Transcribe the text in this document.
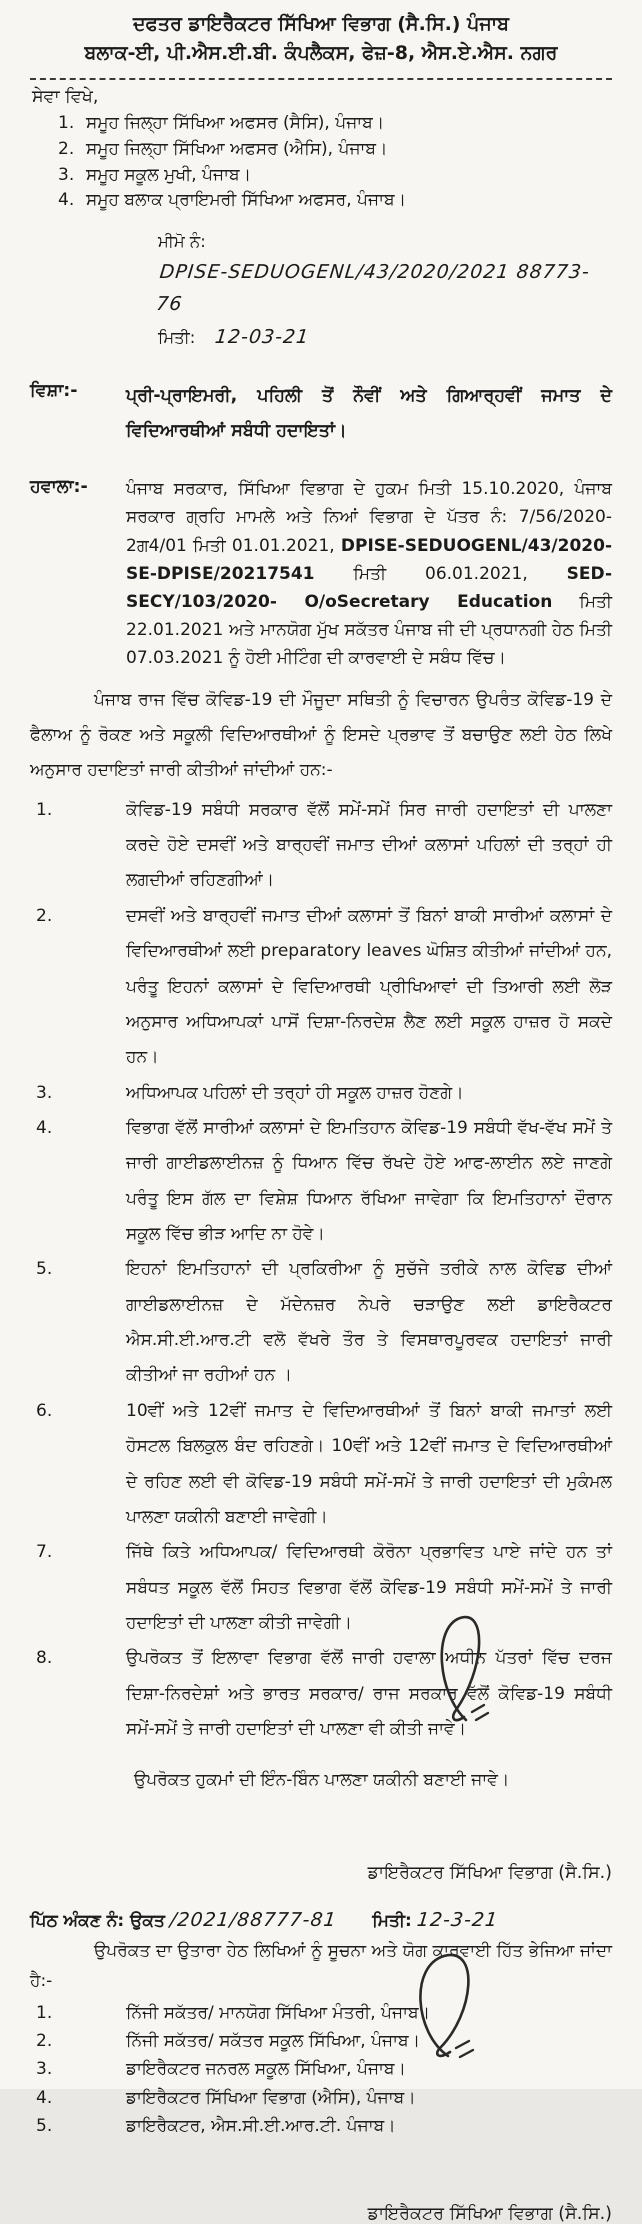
ਦਫਤਰ ਡਾਇਰੈਕਟਰ ਸਿੱਖਿਆ ਵਿਭਾਗ (ਸੈ.ਸਿ.) ਪੰਜਾਬ
ਬਲਾਕ-ਈ, ਪੀ.ਐਸ.ਈ.ਬੀ. ਕੰਪਲੈਕਸ, ਫੇਜ਼-8, ਐਸ.ਏ.ਐਸ. ਨਗਰ
ਸੇਵਾ ਵਿਖੇ,
1. ਸਮੂਹ ਜਿਲ੍ਹਾ ਸਿੱਖਿਆ ਅਫਸਰ (ਸੈਸਿ), ਪੰਜਾਬ।
2. ਸਮੂਹ ਜਿਲ੍ਹਾ ਸਿੱਖਿਆ ਅਫਸਰ (ਐਸਿ), ਪੰਜਾਬ।
3. ਸਮੂਹ ਸਕੂਲ ਮੁਖੀ, ਪੰਜਾਬ।
4. ਸਮੂਹ ਬਲਾਕ ਪ੍ਰਾਇਮਰੀ ਸਿੱਖਿਆ ਅਫਸਰ, ਪੰਜਾਬ।
ਮੀਮੋ ਨੰ: DPISE-SEDUOGENL/43/2020/2021 88773-76
ਮਿਤੀ: 12-03-21
ਵਿਸ਼ਾ:-	ਪ੍ਰੀ-ਪ੍ਰਾਇਮਰੀ, ਪਹਿਲੀ ਤੋਂ ਨੌਵੀਂ ਅਤੇ ਗਿਆਰ੍ਹਵੀਂ ਜਮਾਤ ਦੇ ਵਿਦਿਆਰਥੀਆਂ ਸਬੰਧੀ ਹਦਾਇਤਾਂ।
ਹਵਾਲਾ:-	ਪੰਜਾਬ ਸਰਕਾਰ, ਸਿੱਖਿਆ ਵਿਭਾਗ ਦੇ ਹੁਕਮ ਮਿਤੀ 15.10.2020, ਪੰਜਾਬ ਸਰਕਾਰ ਗ੍ਰਹਿ ਮਾਮਲੇ ਅਤੇ ਨਿਆਂ ਵਿਭਾਗ ਦੇ ਪੱਤਰ ਨੰ: 7/56/2020-2ਗ4/01 ਮਿਤੀ 01.01.2021, DPISE-SEDUOGENL/43/2020-SE-DPISE/20217541 ਮਿਤੀ 06.01.2021, SED-SECY/103/2020- O/oSecretary Education ਮਿਤੀ 22.01.2021 ਅਤੇ ਮਾਨਯੋਗ ਮੁੱਖ ਸਕੱਤਰ ਪੰਜਾਬ ਜੀ ਦੀ ਪ੍ਰਧਾਨਗੀ ਹੇਠ ਮਿਤੀ 07.03.2021 ਨੂੰ ਹੋਈ ਮੀਟਿੰਗ ਦੀ ਕਾਰਵਾਈ ਦੇ ਸਬੰਧ ਵਿੱਚ।
ਪੰਜਾਬ ਰਾਜ ਵਿੱਚ ਕੋਵਿਡ-19 ਦੀ ਮੌਜੂਦਾ ਸਥਿਤੀ ਨੂੰ ਵਿਚਾਰਨ ਉਪਰੰਤ ਕੋਵਿਡ-19 ਦੇ ਫੈਲਾਅ ਨੂੰ ਰੋਕਣ ਅਤੇ ਸਕੂਲੀ ਵਿਦਿਆਰਥੀਆਂ ਨੂੰ ਇਸਦੇ ਪ੍ਰਭਾਵ ਤੋਂ ਬਚਾਉਣ ਲਈ ਹੇਠ ਲਿਖੇ ਅਨੁਸਾਰ ਹਦਾਇਤਾਂ ਜਾਰੀ ਕੀਤੀਆਂ ਜਾਂਦੀਆਂ ਹਨ:-
1.	ਕੋਵਿਡ-19 ਸਬੰਧੀ ਸਰਕਾਰ ਵੱਲੋਂ ਸਮੇਂ-ਸਮੇਂ ਸਿਰ ਜਾਰੀ ਹਦਾਇਤਾਂ ਦੀ ਪਾਲਣਾ ਕਰਦੇ ਹੋਏ ਦਸਵੀਂ ਅਤੇ ਬਾਰ੍ਹਵੀਂ ਜਮਾਤ ਦੀਆਂ ਕਲਾਸਾਂ ਪਹਿਲਾਂ ਦੀ ਤਰ੍ਹਾਂ ਹੀ ਲਗਦੀਆਂ ਰਹਿਣਗੀਆਂ।
2.	ਦਸਵੀਂ ਅਤੇ ਬਾਰ੍ਹਵੀਂ ਜਮਾਤ ਦੀਆਂ ਕਲਾਸਾਂ ਤੋਂ ਬਿਨਾਂ ਬਾਕੀ ਸਾਰੀਆਂ ਕਲਾਸਾਂ ਦੇ ਵਿਦਿਆਰਥੀਆਂ ਲਈ preparatory leaves ਘੋਸ਼ਿਤ ਕੀਤੀਆਂ ਜਾਂਦੀਆਂ ਹਨ, ਪਰੰਤੂ ਇਹਨਾਂ ਕਲਾਸਾਂ ਦੇ ਵਿਦਿਆਰਥੀ ਪ੍ਰੀਖਿਆਵਾਂ ਦੀ ਤਿਆਰੀ ਲਈ ਲੋੜ ਅਨੁਸਾਰ ਅਧਿਆਪਕਾਂ ਪਾਸੋਂ ਦਿਸ਼ਾ-ਨਿਰਦੇਸ਼ ਲੈਣ ਲਈ ਸਕੂਲ ਹਾਜ਼ਰ ਹੋ ਸਕਦੇ ਹਨ।
3.	ਅਧਿਆਪਕ ਪਹਿਲਾਂ ਦੀ ਤਰ੍ਹਾਂ ਹੀ ਸਕੂਲ ਹਾਜ਼ਰ ਹੋਣਗੇ।
4.	ਵਿਭਾਗ ਵੱਲੋਂ ਸਾਰੀਆਂ ਕਲਾਸਾਂ ਦੇ ਇਮਤਿਹਾਨ ਕੋਵਿਡ-19 ਸਬੰਧੀ ਵੱਖ-ਵੱਖ ਸਮੇਂ ਤੇ ਜਾਰੀ ਗਾਈਡਲਾਈਨਜ਼ ਨੂੰ ਧਿਆਨ ਵਿੱਚ ਰੱਖਦੇ ਹੋਏ ਆਫ-ਲਾਈਨ ਲਏ ਜਾਣਗੇ ਪਰੰਤੂ ਇਸ ਗੱਲ ਦਾ ਵਿਸ਼ੇਸ਼ ਧਿਆਨ ਰੱਖਿਆ ਜਾਵੇਗਾ ਕਿ ਇਮਤਿਹਾਨਾਂ ਦੌਰਾਨ ਸਕੂਲ ਵਿੱਚ ਭੀੜ ਆਦਿ ਨਾ ਹੋਵੇ।
5.	ਇਹਨਾਂ ਇਮਤਿਹਾਨਾਂ ਦੀ ਪ੍ਰਕਿਰੀਆ ਨੂੰ ਸੁਚੱਜੇ ਤਰੀਕੇ ਨਾਲ ਕੋਵਿਡ ਦੀਆਂ ਗਾਈਡਲਾਈਨਜ਼ ਦੇ ਮੱਦੇਨਜ਼ਰ ਨੇਪਰੇ ਚੜਾਉਣ ਲਈ ਡਾਇਰੈਕਟਰ ਐਸ.ਸੀ.ਈ.ਆਰ.ਟੀ ਵਲੋ ਵੱਖਰੇ ਤੌਰ ਤੇ ਵਿਸਥਾਰਪੂਰਵਕ ਹਦਾਇਤਾਂ ਜਾਰੀ ਕੀਤੀਆਂ ਜਾ ਰਹੀਆਂ ਹਨ ।
6.	10ਵੀਂ ਅਤੇ 12ਵੀਂ ਜਮਾਤ ਦੇ ਵਿਦਿਆਰਥੀਆਂ ਤੋਂ ਬਿਨਾਂ ਬਾਕੀ ਜਮਾਤਾਂ ਲਈ ਹੋਸਟਲ ਬਿਲਕੁਲ ਬੰਦ ਰਹਿਣਗੇ। 10ਵੀਂ ਅਤੇ 12ਵੀਂ ਜਮਾਤ ਦੇ ਵਿਦਿਆਰਥੀਆਂ ਦੇ ਰਹਿਣ ਲਈ ਵੀ ਕੋਵਿਡ-19 ਸਬੰਧੀ ਸਮੇਂ-ਸਮੇਂ ਤੇ ਜਾਰੀ ਹਦਾਇਤਾਂ ਦੀ ਮੁਕੰਮਲ ਪਾਲਣਾ ਯਕੀਨੀ ਬਣਾਈ ਜਾਵੇਗੀ।
7.	ਜਿੱਥੇ ਕਿਤੇ ਅਧਿਆਪਕ/ ਵਿਦਿਆਰਥੀ ਕੋਰੋਨਾ ਪ੍ਰਭਾਵਿਤ ਪਾਏ ਜਾਂਦੇ ਹਨ ਤਾਂ ਸਬੰਧਤ ਸਕੂਲ ਵੱਲੋਂ ਸਿਹਤ ਵਿਭਾਗ ਵੱਲੋਂ ਕੋਵਿਡ-19 ਸਬੰਧੀ ਸਮੇਂ-ਸਮੇਂ ਤੇ ਜਾਰੀ ਹਦਾਇਤਾਂ ਦੀ ਪਾਲਣਾ ਕੀਤੀ ਜਾਵੇਗੀ।
8.	ਉਪਰੋਕਤ ਤੋਂ ਇਲਾਵਾ ਵਿਭਾਗ ਵੱਲੋਂ ਜਾਰੀ ਹਵਾਲਾ ਅਧੀਨ ਪੱਤਰਾਂ ਵਿੱਚ ਦਰਜ ਦਿਸ਼ਾ-ਨਿਰਦੇਸ਼ਾਂ ਅਤੇ ਭਾਰਤ ਸਰਕਾਰ/ ਰਾਜ ਸਰਕਾਰ ਵੱਲੋਂ ਕੋਵਿਡ-19 ਸਬੰਧੀ ਸਮੇਂ-ਸਮੇਂ ਤੇ ਜਾਰੀ ਹਦਾਇਤਾਂ ਦੀ ਪਾਲਣਾ ਵੀ ਕੀਤੀ ਜਾਵੇ।
ਉਪਰੋਕਤ ਹੁਕਮਾਂ ਦੀ ਇੰਨ-ਬਿੰਨ ਪਾਲਣਾ ਯਕੀਨੀ ਬਣਾਈ ਜਾਵੇ।
ਡਾਇਰੈਕਟਰ ਸਿੱਖਿਆ ਵਿਭਾਗ (ਸੈ.ਸਿ.)
ਪਿੱਠ ਅੰਕਣ ਨੰ: ਉਕਤ /2021/88777-81 ਮਿਤੀ: 12-3-21
ਉਪਰੋਕਤ ਦਾ ਉਤਾਰਾ ਹੇਠ ਲਿਖਿਆਂ ਨੂੰ ਸੂਚਨਾ ਅਤੇ ਯੋਗ ਕਾਰਵਾਈ ਹਿੱਤ ਭੇਜਿਆ ਜਾਂਦਾ ਹੈ:-
1.	ਨਿੱਜੀ ਸਕੱਤਰ/ ਮਾਨਯੋਗ ਸਿੱਖਿਆ ਮੰਤਰੀ, ਪੰਜਾਬ।
2.	ਨਿੱਜੀ ਸਕੱਤਰ/ ਸਕੱਤਰ ਸਕੂਲ ਸਿੱਖਿਆ, ਪੰਜਾਬ।
3.	ਡਾਇਰੈਕਟਰ ਜਨਰਲ ਸਕੂਲ ਸਿੱਖਿਆ, ਪੰਜਾਬ।
4.	ਡਾਇਰੈਕਟਰ ਸਿੱਖਿਆ ਵਿਭਾਗ (ਐਸਿ), ਪੰਜਾਬ।
5.	ਡਾਇਰੈਕਟਰ, ਐਸ.ਸੀ.ਈ.ਆਰ.ਟੀ. ਪੰਜਾਬ।
ਡਾਇਰੈਕਟਰ ਸਿੱਖਿਆ ਵਿਭਾਗ (ਸੈ.ਸਿ.)
